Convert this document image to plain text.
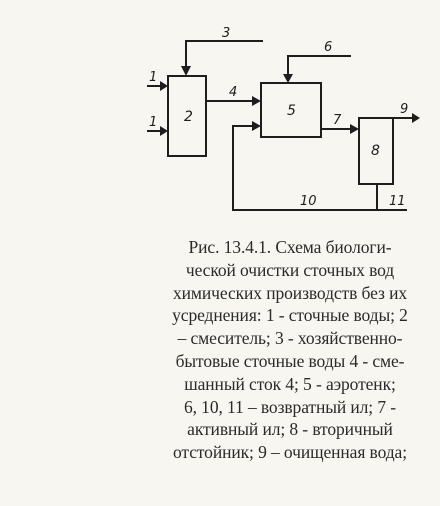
1
1
3
4
6
7
9
10	11
2	5
8
Рис. 13.4.1. Схема биологи-
ческой очистки сточных вод
химических производств без их
усреднения: 1 - сточные воды; 2
– смеситель; 3 - хозяйственно-
бытовые сточные воды 4 - сме-
шанный сток 4; 5 - аэротенк;
6, 10, 11 – возвратный ил; 7 -
активный ил; 8 - вторичный
отстойник; 9 – очищенная вода;
